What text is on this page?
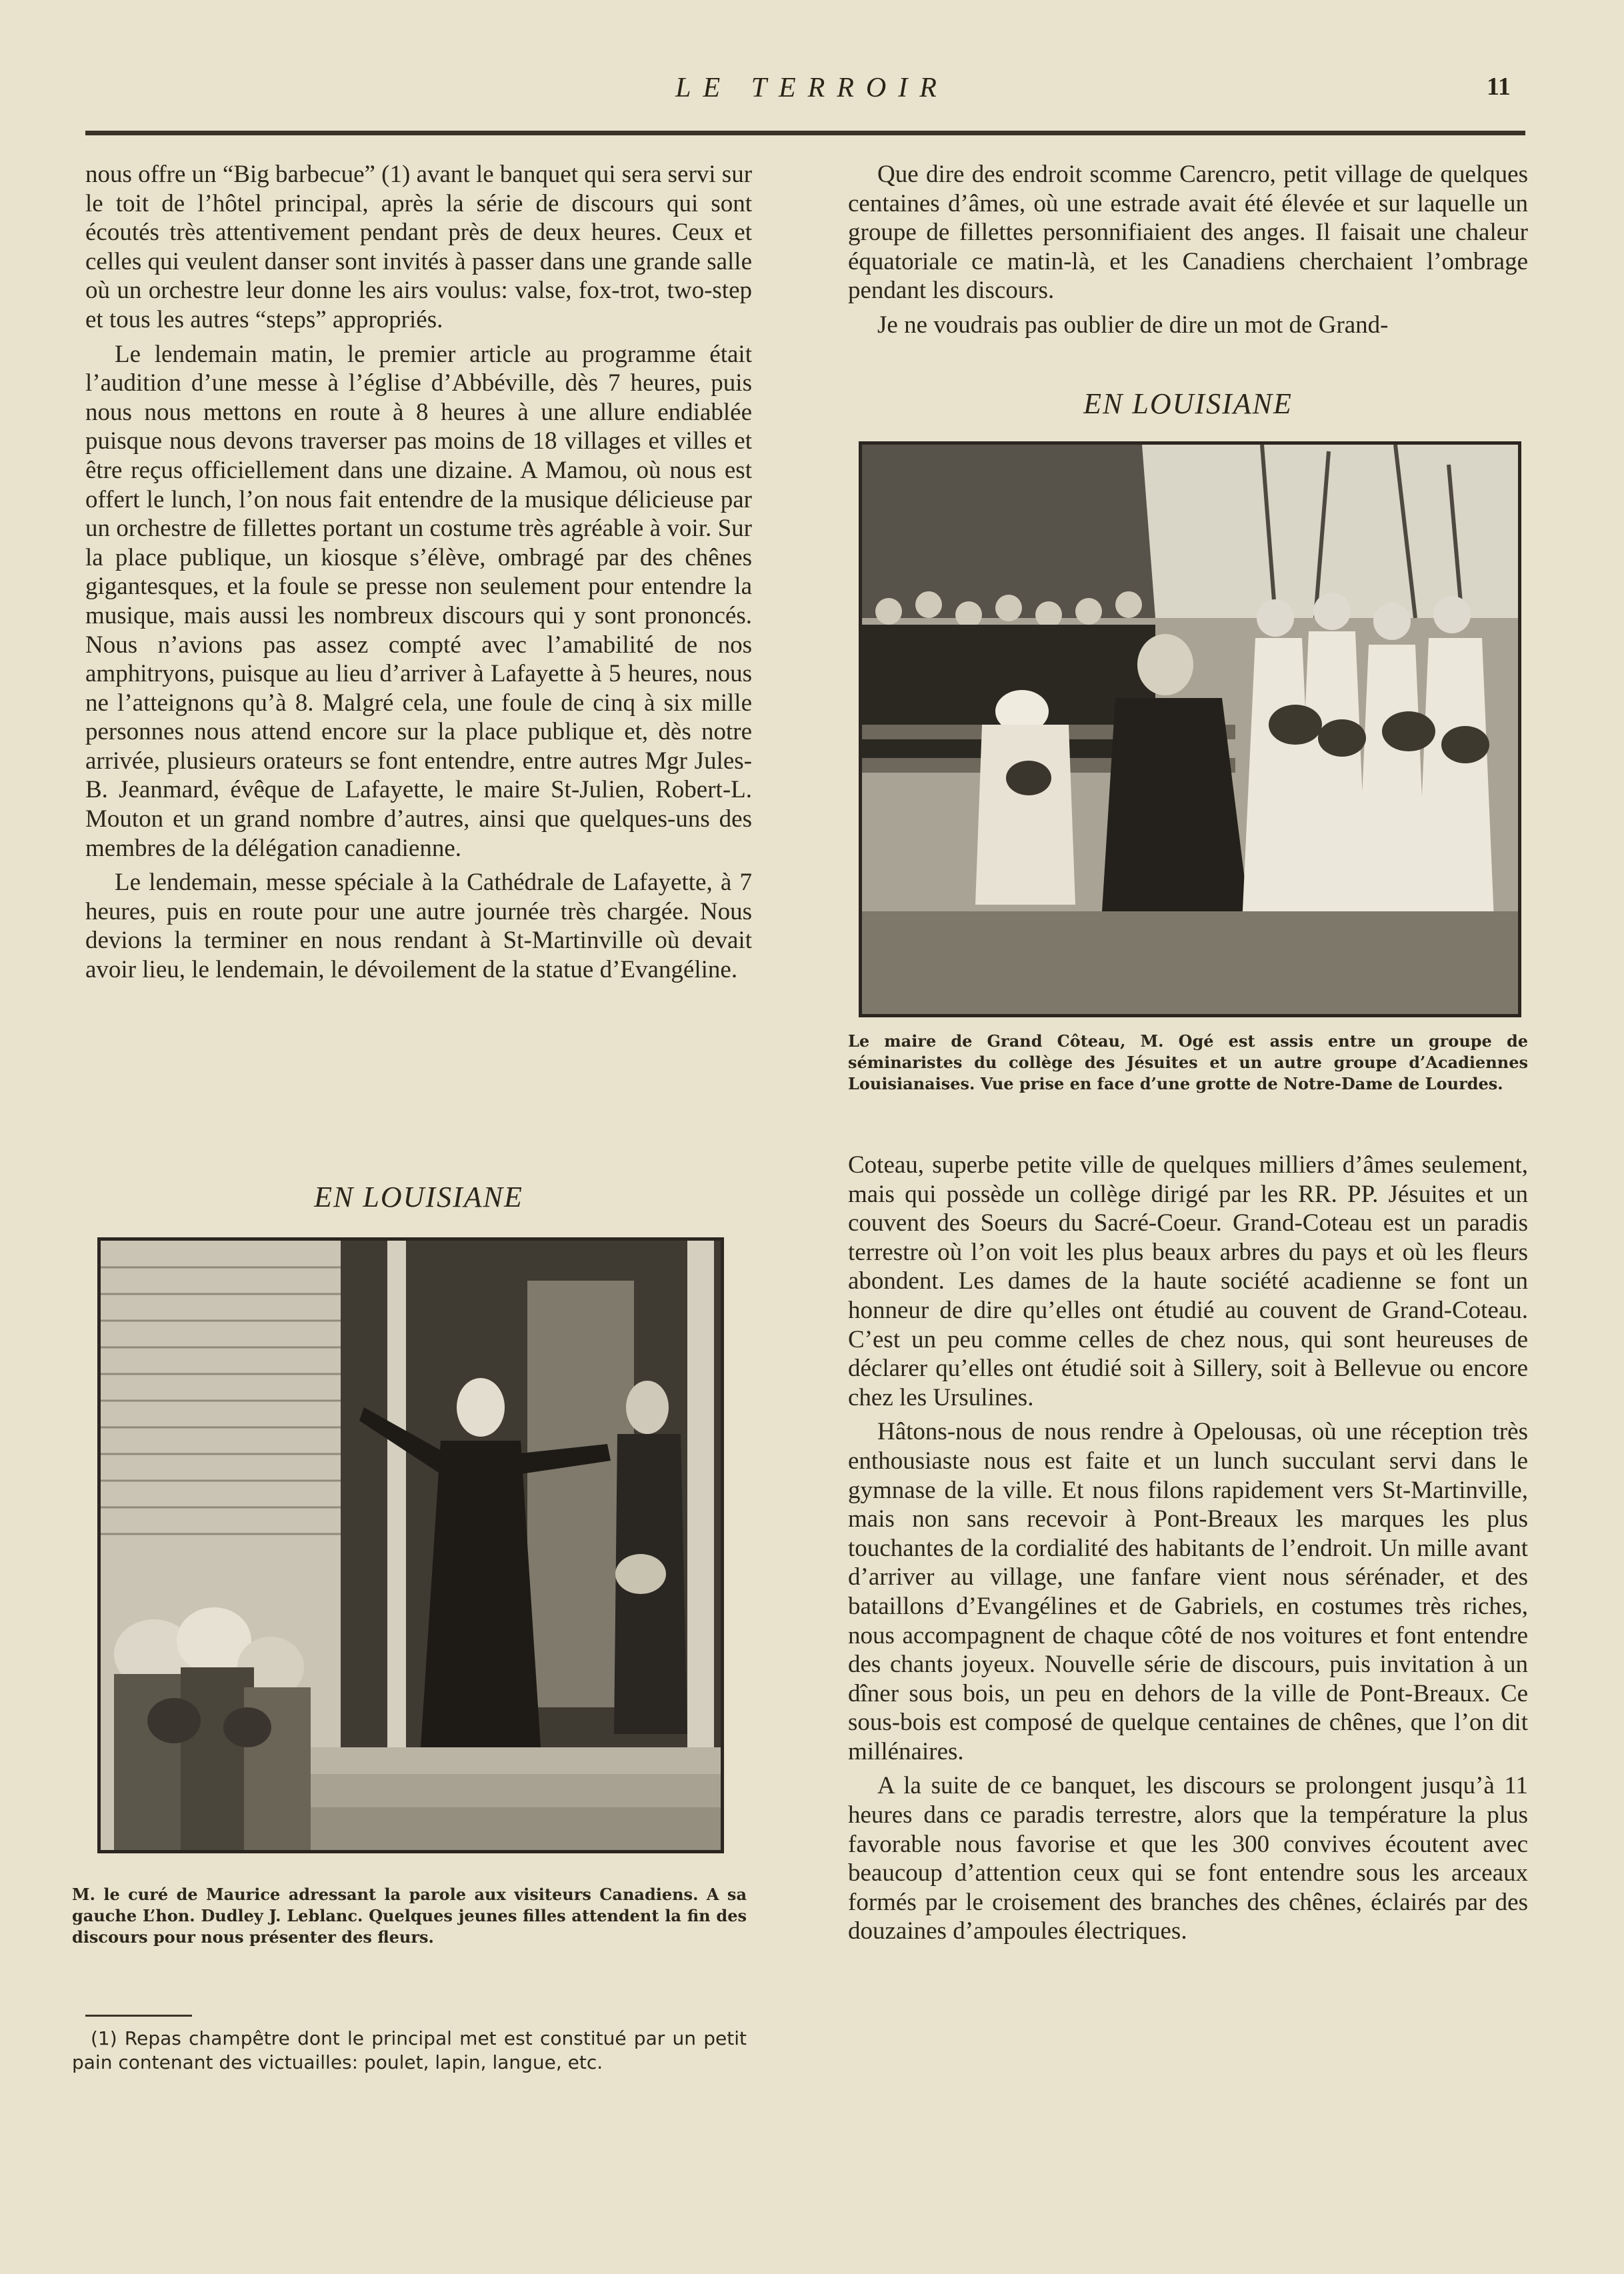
LE TERROIR	11

nous offre un “Big barbecue” (1) avant le banquet qui sera servi sur le toit de l’hôtel principal, après la série de discours qui sont écoutés très attentivement pendant près de deux heures. Ceux et celles qui veulent danser sont invités à passer dans une grande salle où un orchestre leur donne les airs voulus: valse, fox-trot, two-step et tous les autres “steps” appropriés.

Le lendemain matin, le premier article au programme était l’audition d’une messe à l’église d’Abbéville, dès 7 heures, puis nous nous mettons en route à 8 heures à une allure endiablée puisque nous devons traverser pas moins de 18 villages et villes et être reçus officiellement dans une dizaine. A Mamou, où nous est offert le lunch, l’on nous fait entendre de la musique délicieuse par un orchestre de fillettes portant un costume très agréable à voir. Sur la place publique, un kiosque s’élève, ombragé par des chênes gigantesques, et la foule se presse non seulement pour entendre la musique, mais aussi les nombreux discours qui y sont prononcés. Nous n’avions pas assez compté avec l’amabilité de nos amphitryons, puisque au lieu d’arriver à Lafayette à 5 heures, nous ne l’atteignons qu’à 8. Malgré cela, une foule de cinq à six mille personnes nous attend encore sur la place publique et, dès notre arrivée, plusieurs orateurs se font entendre, entre autres Mgr Jules-B. Jeanmard, évêque de Lafayette, le maire St-Julien, Robert-L. Mouton et un grand nombre d’autres, ainsi que quelques-uns des membres de la délégation canadienne.

Le lendemain, messe spéciale à la Cathédrale de Lafayette, à 7 heures, puis en route pour une autre journée très chargée. Nous devions la terminer en nous rendant à St-Martinville où devait avoir lieu, le lendemain, le dévoilement de la statue d’Evangéline.

EN LOUISIANE
M. le curé de Maurice adressant la parole aux visiteurs Canadiens. A sa gauche L’hon. Dudley J. Leblanc. Quelques jeunes filles attendent la fin des discours pour nous présenter des fleurs.
(1) Repas champêtre dont le principal met est constitué par un petit pain contenant des victuailles: poulet, lapin, langue, etc.

Que dire des endroit scomme Carencro, petit village de quelques centaines d’âmes, où une estrade avait été élevée et sur laquelle un groupe de fillettes personnifiaient des anges. Il faisait une chaleur équatoriale ce matin-là, et les Canadiens cherchaient l’ombrage pendant les discours.

Je ne voudrais pas oublier de dire un mot de Grand-

EN LOUISIANE
Le maire de Grand Côteau, M. Ogé est assis entre un groupe de séminaristes du collège des Jésuites et un autre groupe d’Acadiennes Louisianaises. Vue prise en face d’une grotte de Notre-Dame de Lourdes.

Coteau, superbe petite ville de quelques milliers d’âmes seulement, mais qui possède un collège dirigé par les RR. PP. Jésuites et un couvent des Soeurs du Sacré-Coeur. Grand-Coteau est un paradis terrestre où l’on voit les plus beaux arbres du pays et où les fleurs abondent. Les dames de la haute société acadienne se font un honneur de dire qu’elles ont étudié au couvent de Grand-Coteau. C’est un peu comme celles de chez nous, qui sont heureuses de déclarer qu’elles ont étudié soit à Sillery, soit à Bellevue ou encore chez les Ursulines.

Hâtons-nous de nous rendre à Opelousas, où une réception très enthousiaste nous est faite et un lunch succulant servi dans le gymnase de la ville. Et nous filons rapidement vers St-Martinville, mais non sans recevoir à Pont-Breaux les marques les plus touchantes de la cordialité des habitants de l’endroit. Un mille avant d’arriver au village, une fanfare vient nous sérénader, et des bataillons d’Evangélines et de Gabriels, en costumes très riches, nous accompagnent de chaque côté de nos voitures et font entendre des chants joyeux. Nouvelle série de discours, puis invitation à un dîner sous bois, un peu en dehors de la ville de Pont-Breaux. Ce sous-bois est composé de quelque centaines de chênes, que l’on dit millénaires.

A la suite de ce banquet, les discours se prolongent jusqu’à 11 heures dans ce paradis terrestre, alors que la température la plus favorable nous favorise et que les 300 convives écoutent avec beaucoup d’attention ceux qui se font entendre sous les arceaux formés par le croisement des branches des chênes, éclairés par des douzaines d’ampoules électriques.
